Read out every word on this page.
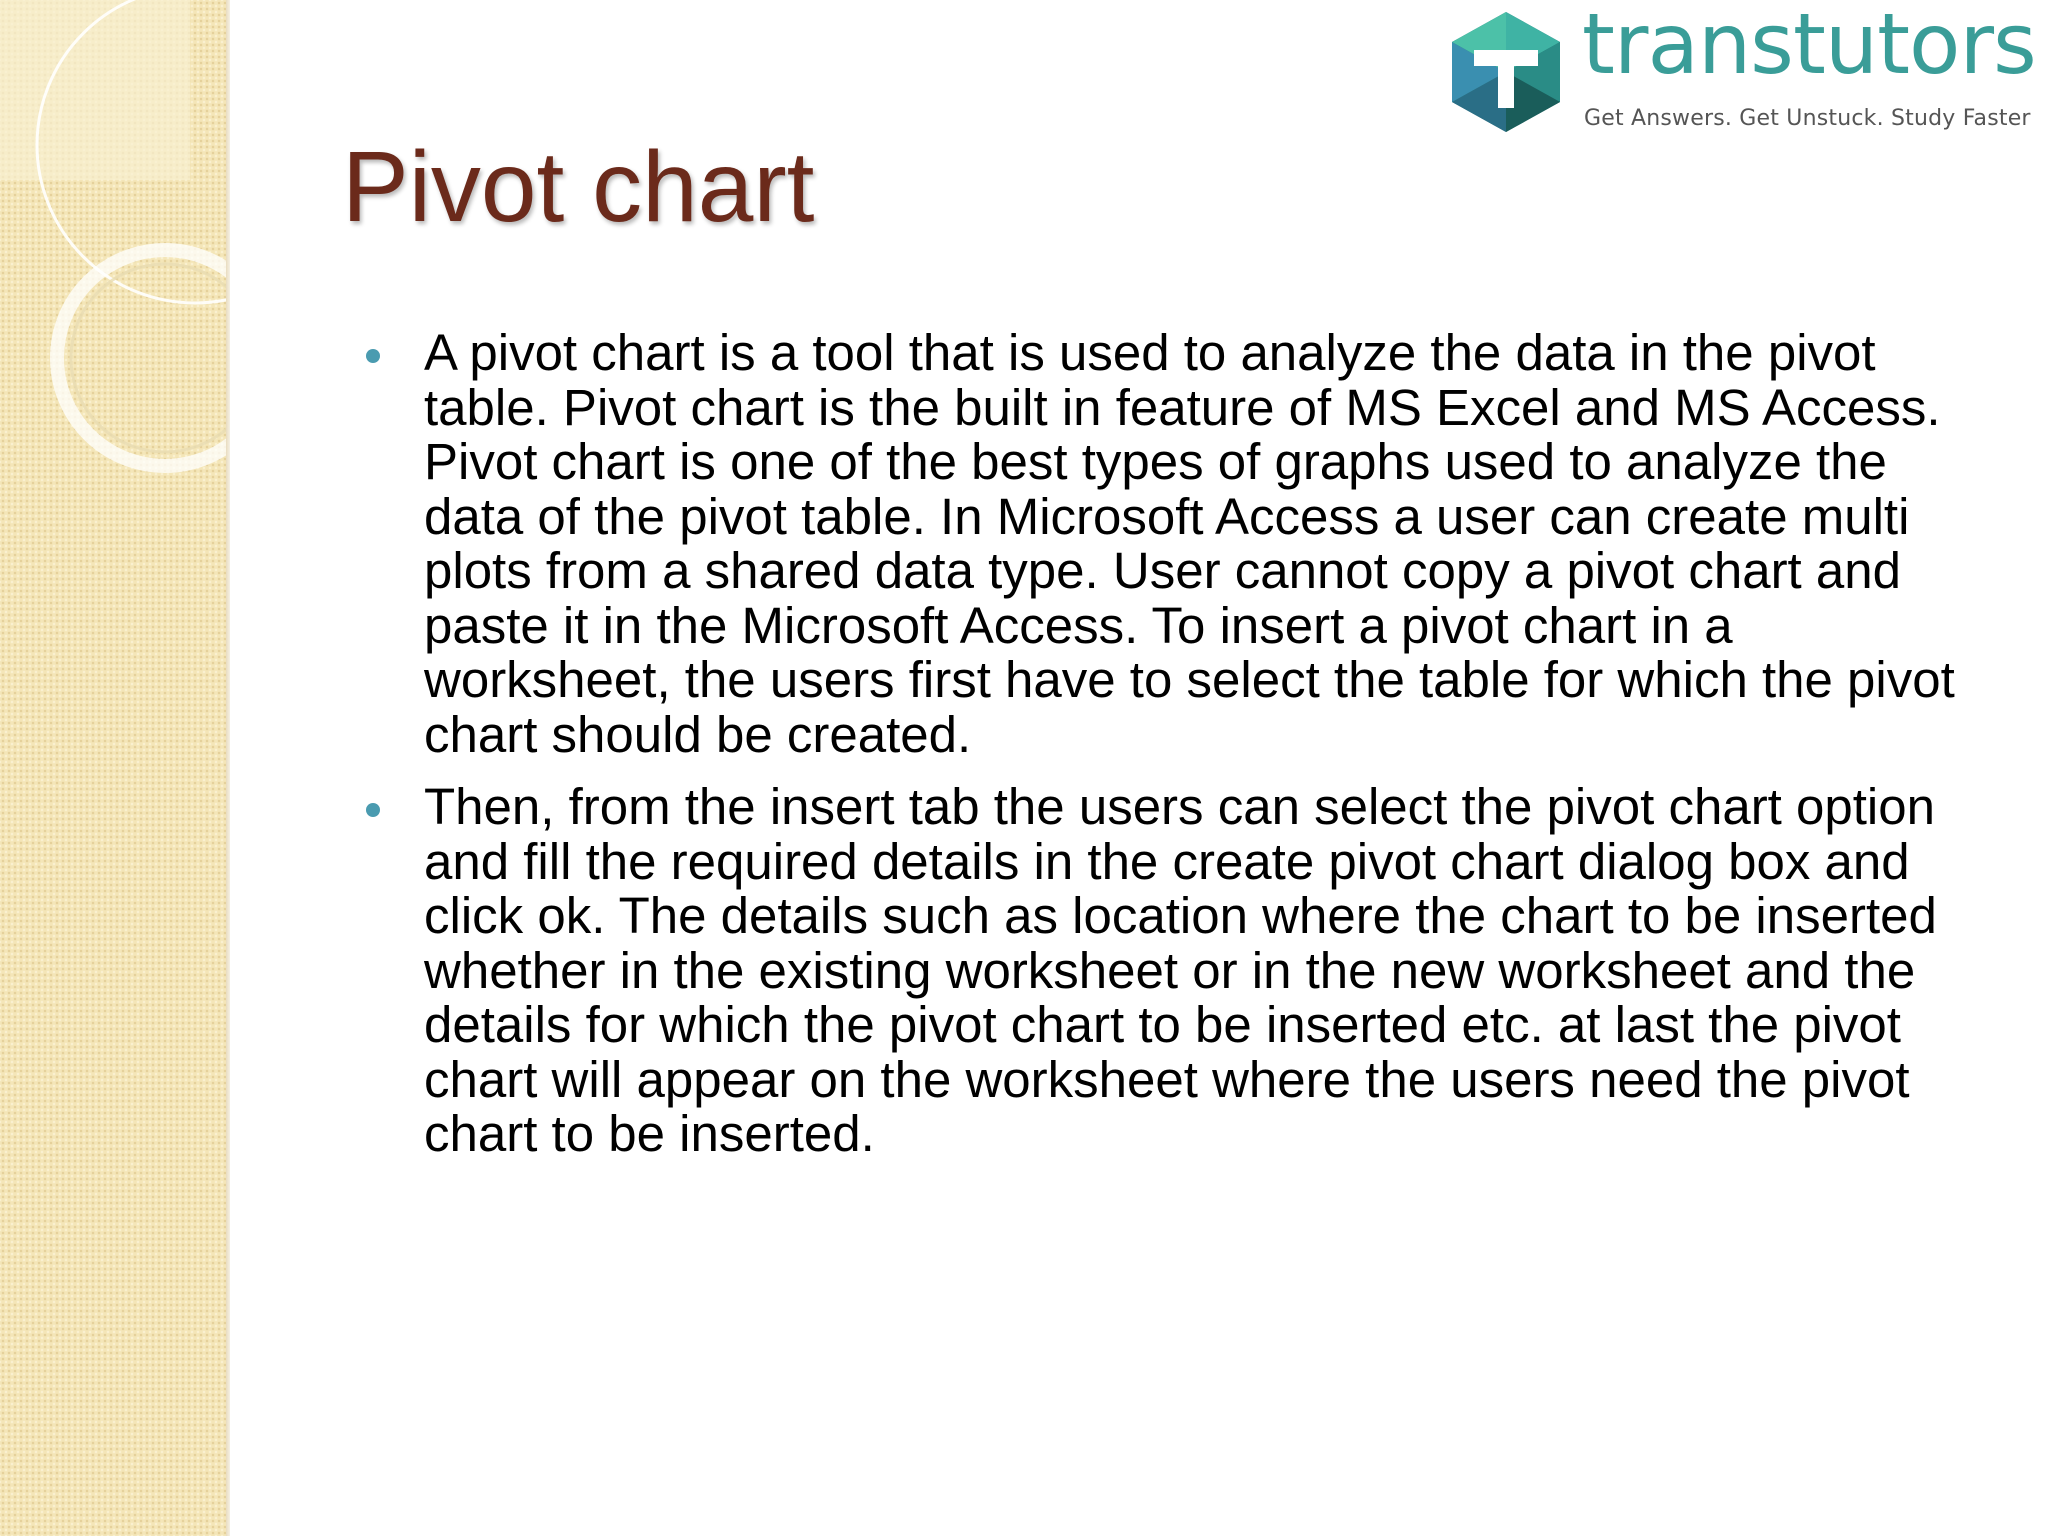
transtutors
Get Answers. Get Unstuck. Study Faster
Pivot chart
A pivot chart is a tool that is used to analyze the data in the pivot table. Pivot chart is the built in feature of MS Excel and MS Access. Pivot chart is one of the best types of graphs used to analyze the data of the pivot table. In Microsoft Access a user can create multi plots from a shared data type. User cannot copy a pivot chart and paste it in the Microsoft Access. To insert a pivot chart in a worksheet, the users first have to select the table for which the pivot chart should be created.
Then, from the insert tab the users can select the pivot chart option and fill the required details in the create pivot chart dialog box and click ok. The details such as location where the chart to be inserted whether in the existing worksheet or in the new worksheet and the details for which the pivot chart to be inserted etc. at last the pivot chart will appear on the worksheet where the users need the pivot chart to be inserted.
